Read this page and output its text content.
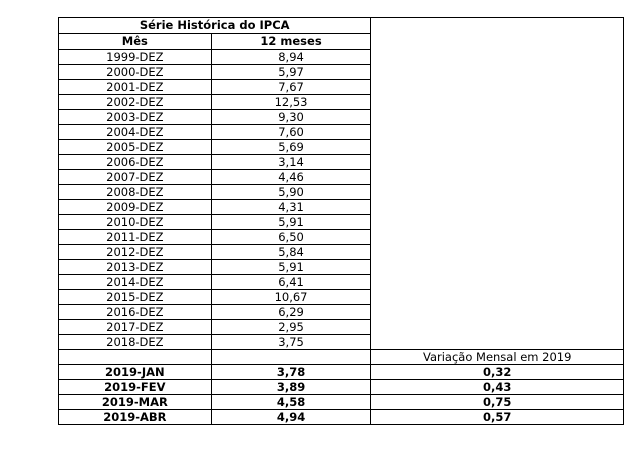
Série Histórica do IPCA		
Mês	12 meses	
1999-DEZ	8,94	
2000-DEZ	5,97	
2001-DEZ	7,67	
2002-DEZ	12,53	
2003-DEZ	9,30	
2004-DEZ	7,60	
2005-DEZ	5,69	
2006-DEZ	3,14	
2007-DEZ	4,46	
2008-DEZ	5,90	
2009-DEZ	4,31	
2010-DEZ	5,91	
2011-DEZ	6,50	
2012-DEZ	5,84	
2013-DEZ	5,91	
2014-DEZ	6,41	
2015-DEZ	10,67	
2016-DEZ	6,29	
2017-DEZ	2,95	
2018-DEZ	3,75	
		Variação Mensal em 2019
2019-JAN	3,78	0,32
2019-FEV	3,89	0,43
2019-MAR	4,58	0,75
2019-ABR	4,94	0,57
